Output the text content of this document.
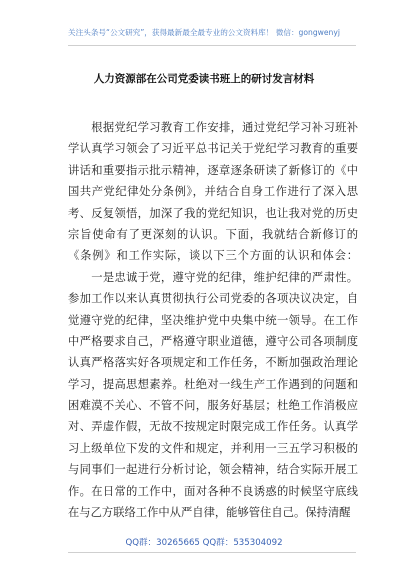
关注头条号“公文研究”，获得最新最全最专业的公文资料库！ 微信：gongwenyj
人力资源部在公司党委读书班上的研讨发言材料
　　根据党纪学习教育工作安排，通过党纪学习补习班补
学认真学习领会了习近平总书记关于党纪学习教育的重要
讲话和重要指示批示精神，逐章逐条研读了新修订的《中
国共产党纪律处分条例》，并结合自身工作进行了深入思
考、反复领悟，加深了我的党纪知识，也让我对党的历史
宗旨使命有了更深刻的认识。下面，我就结合新修订的
《条例》和工作实际，谈以下三个方面的认识和体会：
　　一是忠诚于党，遵守党的纪律，维护纪律的严肃性。
参加工作以来认真贯彻执行公司党委的各项决议决定，自
觉遵守党的纪律，坚决维护党中央集中统一领导。在工作
中严格要求自己，严格遵守职业道德，遵守公司各项制度
认真严格落实好各项规定和工作任务，不断加强政治理论
学习，提高思想素养。杜绝对一线生产工作遇到的问题和
困难漠不关心、不管不问，服务好基层；杜绝工作消极应
对、弄虚作假，无故不按规定时限完成工作任务。认真学
习上级单位下发的文件和规定，并利用一三五学习积极的
与同事们一起进行分析讨论，领会精神，结合实际开展工
作。在日常的工作中，面对各种不良诱惑的时候坚守底线
在与乙方联络工作中从严自律，能够管住自己。保持清醒
QQ群：30265665 QQ群：535304092
